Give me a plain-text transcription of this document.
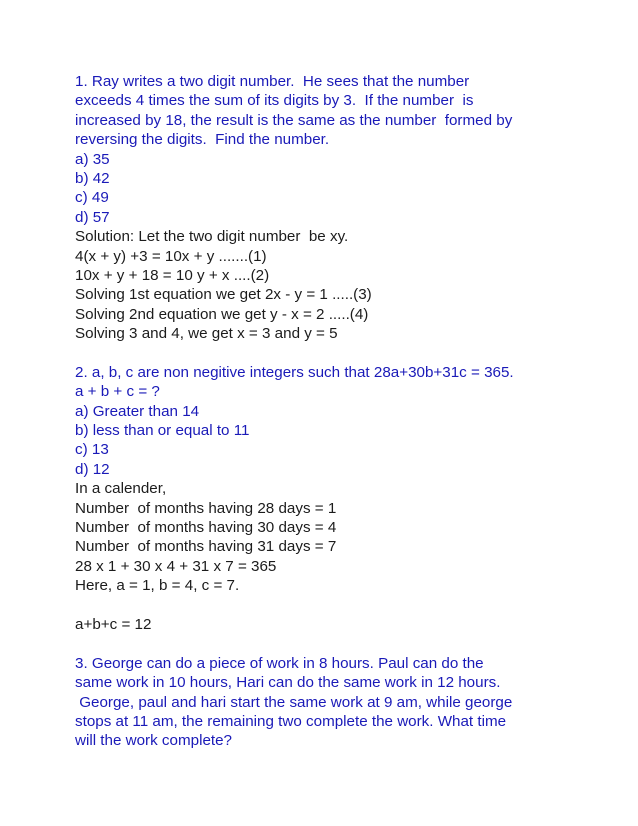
1. Ray writes a two digit number.  He sees that the number
exceeds 4 times the sum of its digits by 3.  If the number  is
increased by 18, the result is the same as the number  formed by
reversing the digits.  Find the number.
a) 35
b) 42
c) 49
d) 57
Solution: Let the two digit number  be xy.
4(x + y) +3 = 10x + y .......(1)
10x + y + 18 = 10 y + x ....(2)
Solving 1st equation we get 2x - y = 1 .....(3)
Solving 2nd equation we get y - x = 2 .....(4)
Solving 3 and 4, we get x = 3 and y = 5
2. a, b, c are non negitive integers such that 28a+30b+31c = 365.
a + b + c = ?
a) Greater than 14
b) less than or equal to 11
c) 13
d) 12
In a calender,
Number  of months having 28 days = 1
Number  of months having 30 days = 4
Number  of months having 31 days = 7
28 x 1 + 30 x 4 + 31 x 7 = 365
Here, a = 1, b = 4, c = 7.
a+b+c = 12
3. George can do a piece of work in 8 hours. Paul can do the
same work in 10 hours, Hari can do the same work in 12 hours.
George, paul and hari start the same work at 9 am, while george
stops at 11 am, the remaining two complete the work. What time
will the work complete?
